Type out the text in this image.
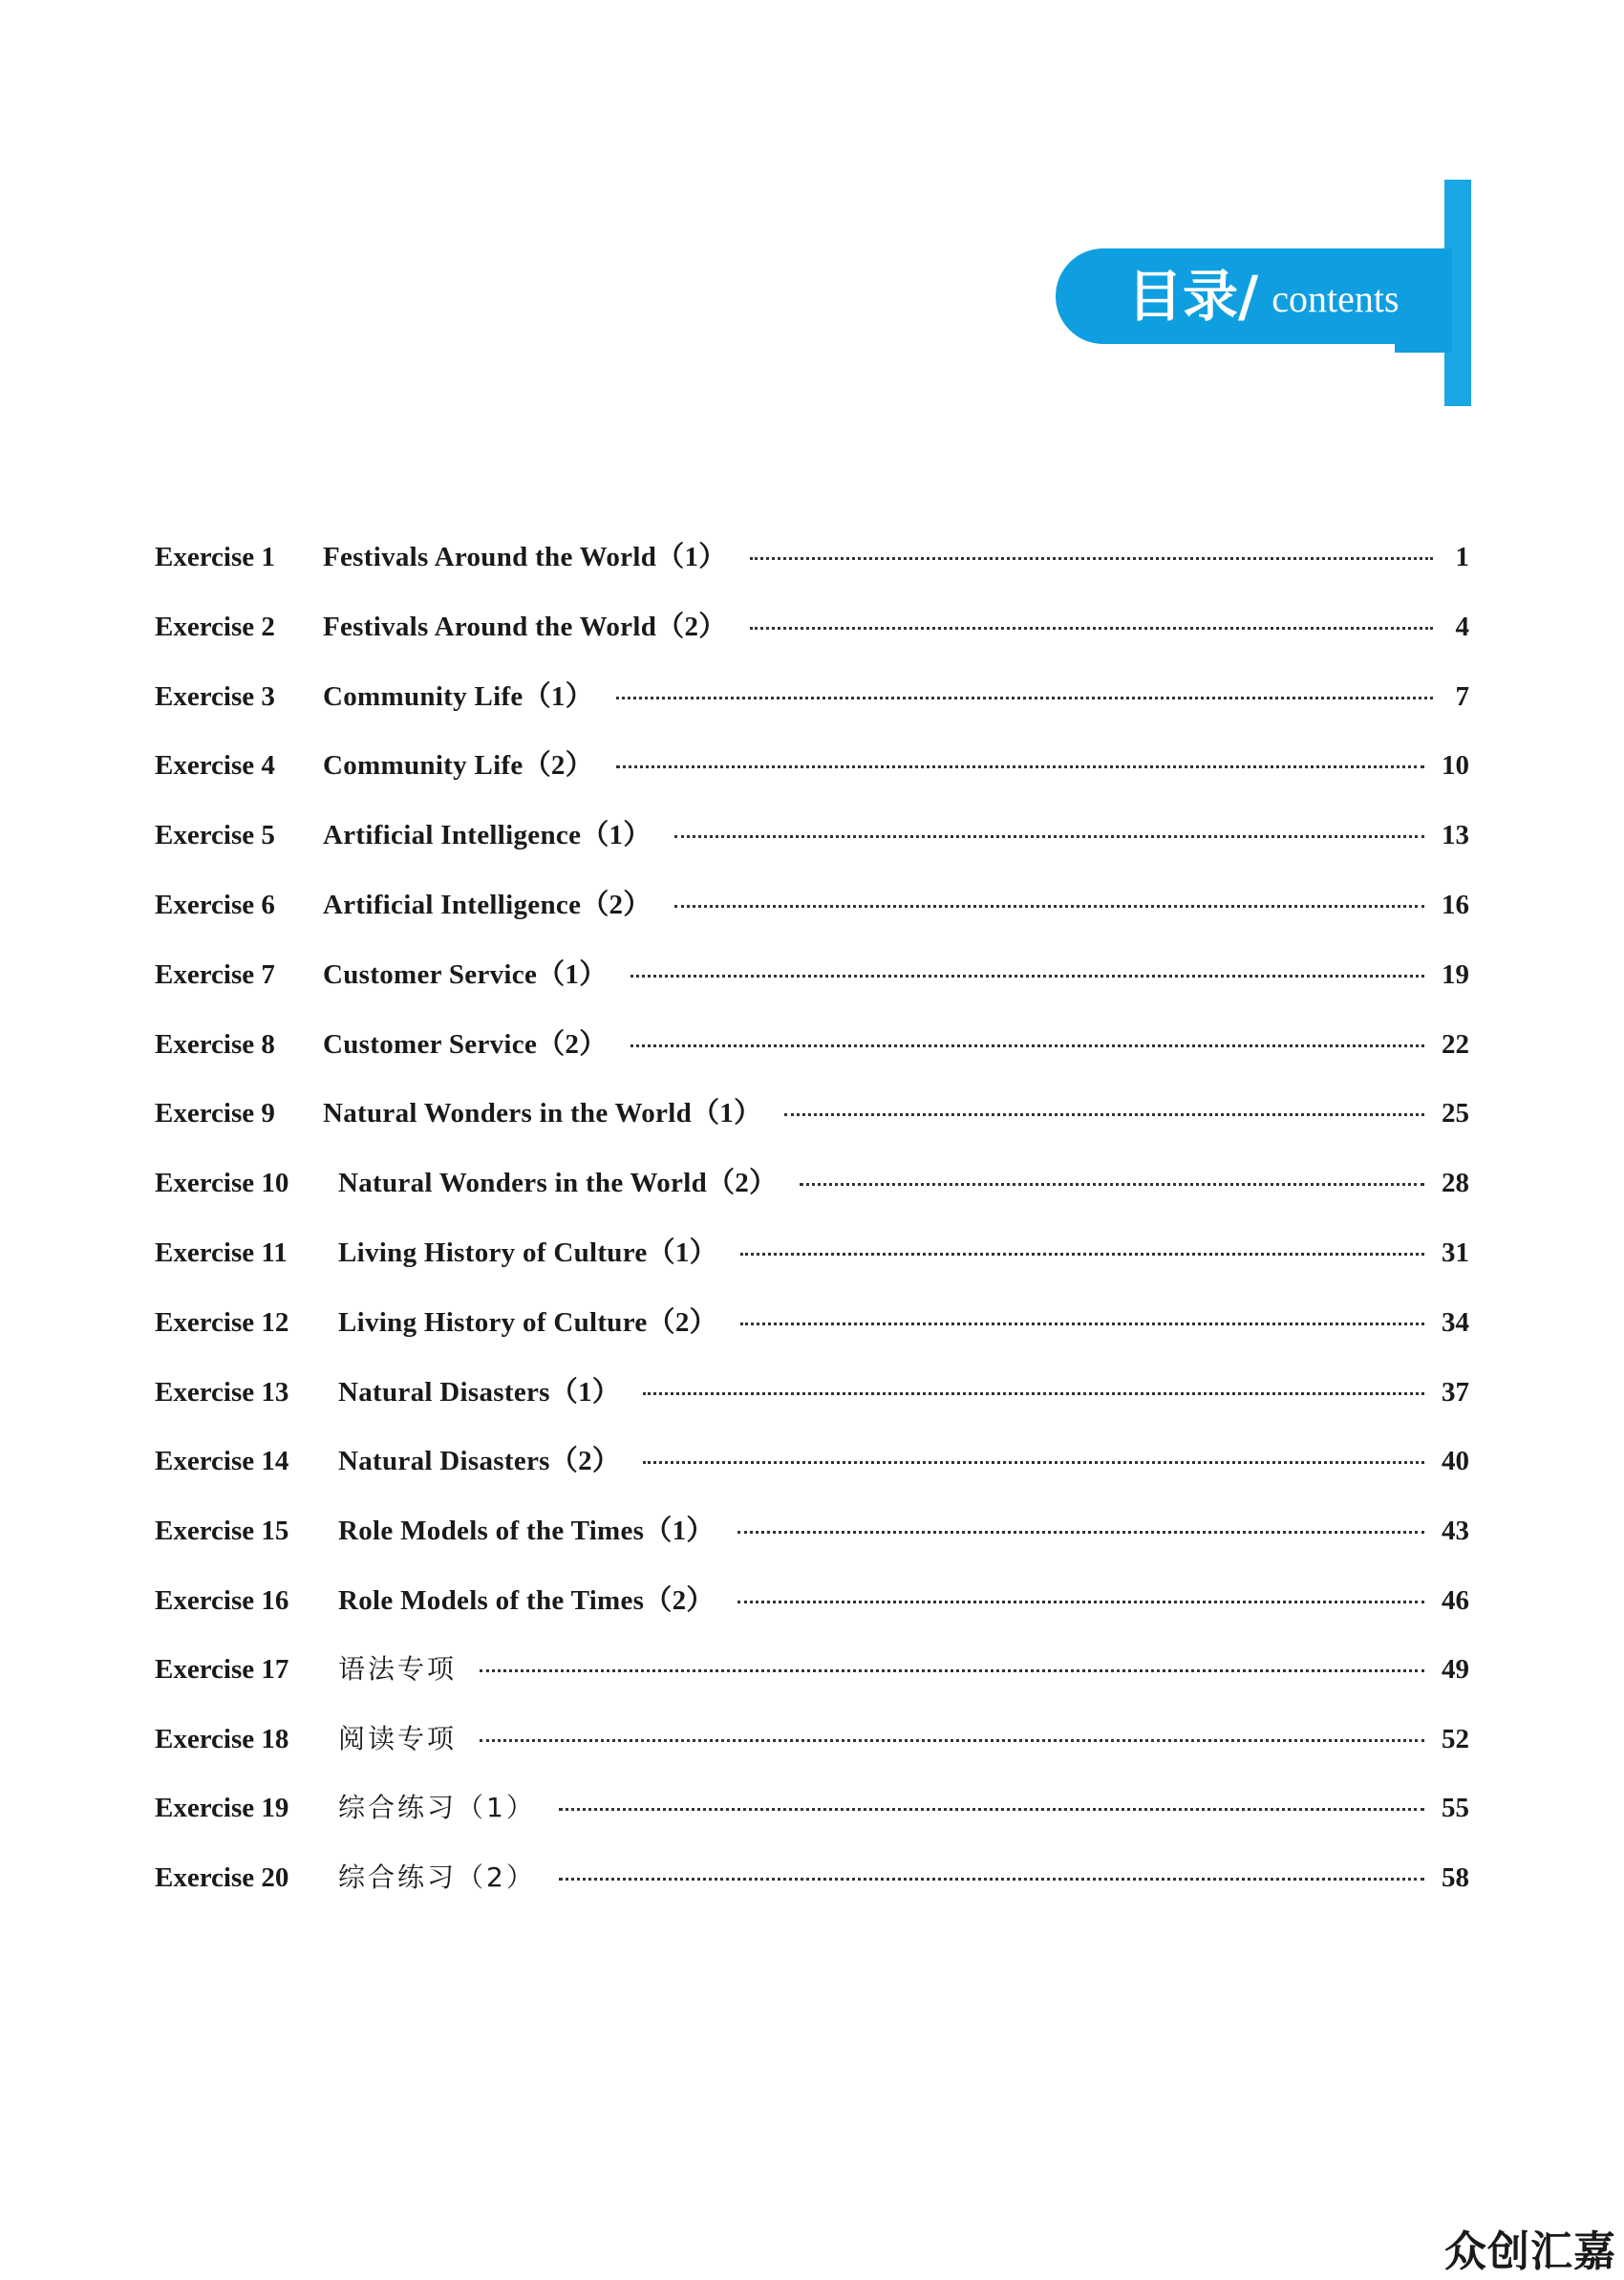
目录/ contents
Exercise 1	Festivals Around the World（1）	1
Exercise 2	Festivals Around the World（2）	4
Exercise 3	Community Life（1）	7
Exercise 4	Community Life（2）	10
Exercise 5	Artificial Intelligence（1）	13
Exercise 6	Artificial Intelligence（2）	16
Exercise 7	Customer Service（1）	19
Exercise 8	Customer Service（2）	22
Exercise 9	Natural Wonders in the World（1）	25
Exercise 10	Natural Wonders in the World（2）	28
Exercise 11	Living History of Culture（1）	31
Exercise 12	Living History of Culture（2）	34
Exercise 13	Natural Disasters（1）	37
Exercise 14	Natural Disasters（2）	40
Exercise 15	Role Models of the Times（1）	43
Exercise 16	Role Models of the Times（2）	46
Exercise 17	语法专项	49
Exercise 18	阅读专项	52
Exercise 19	综合练习（1）	55
Exercise 20	综合练习（2）	58
众创汇嘉
